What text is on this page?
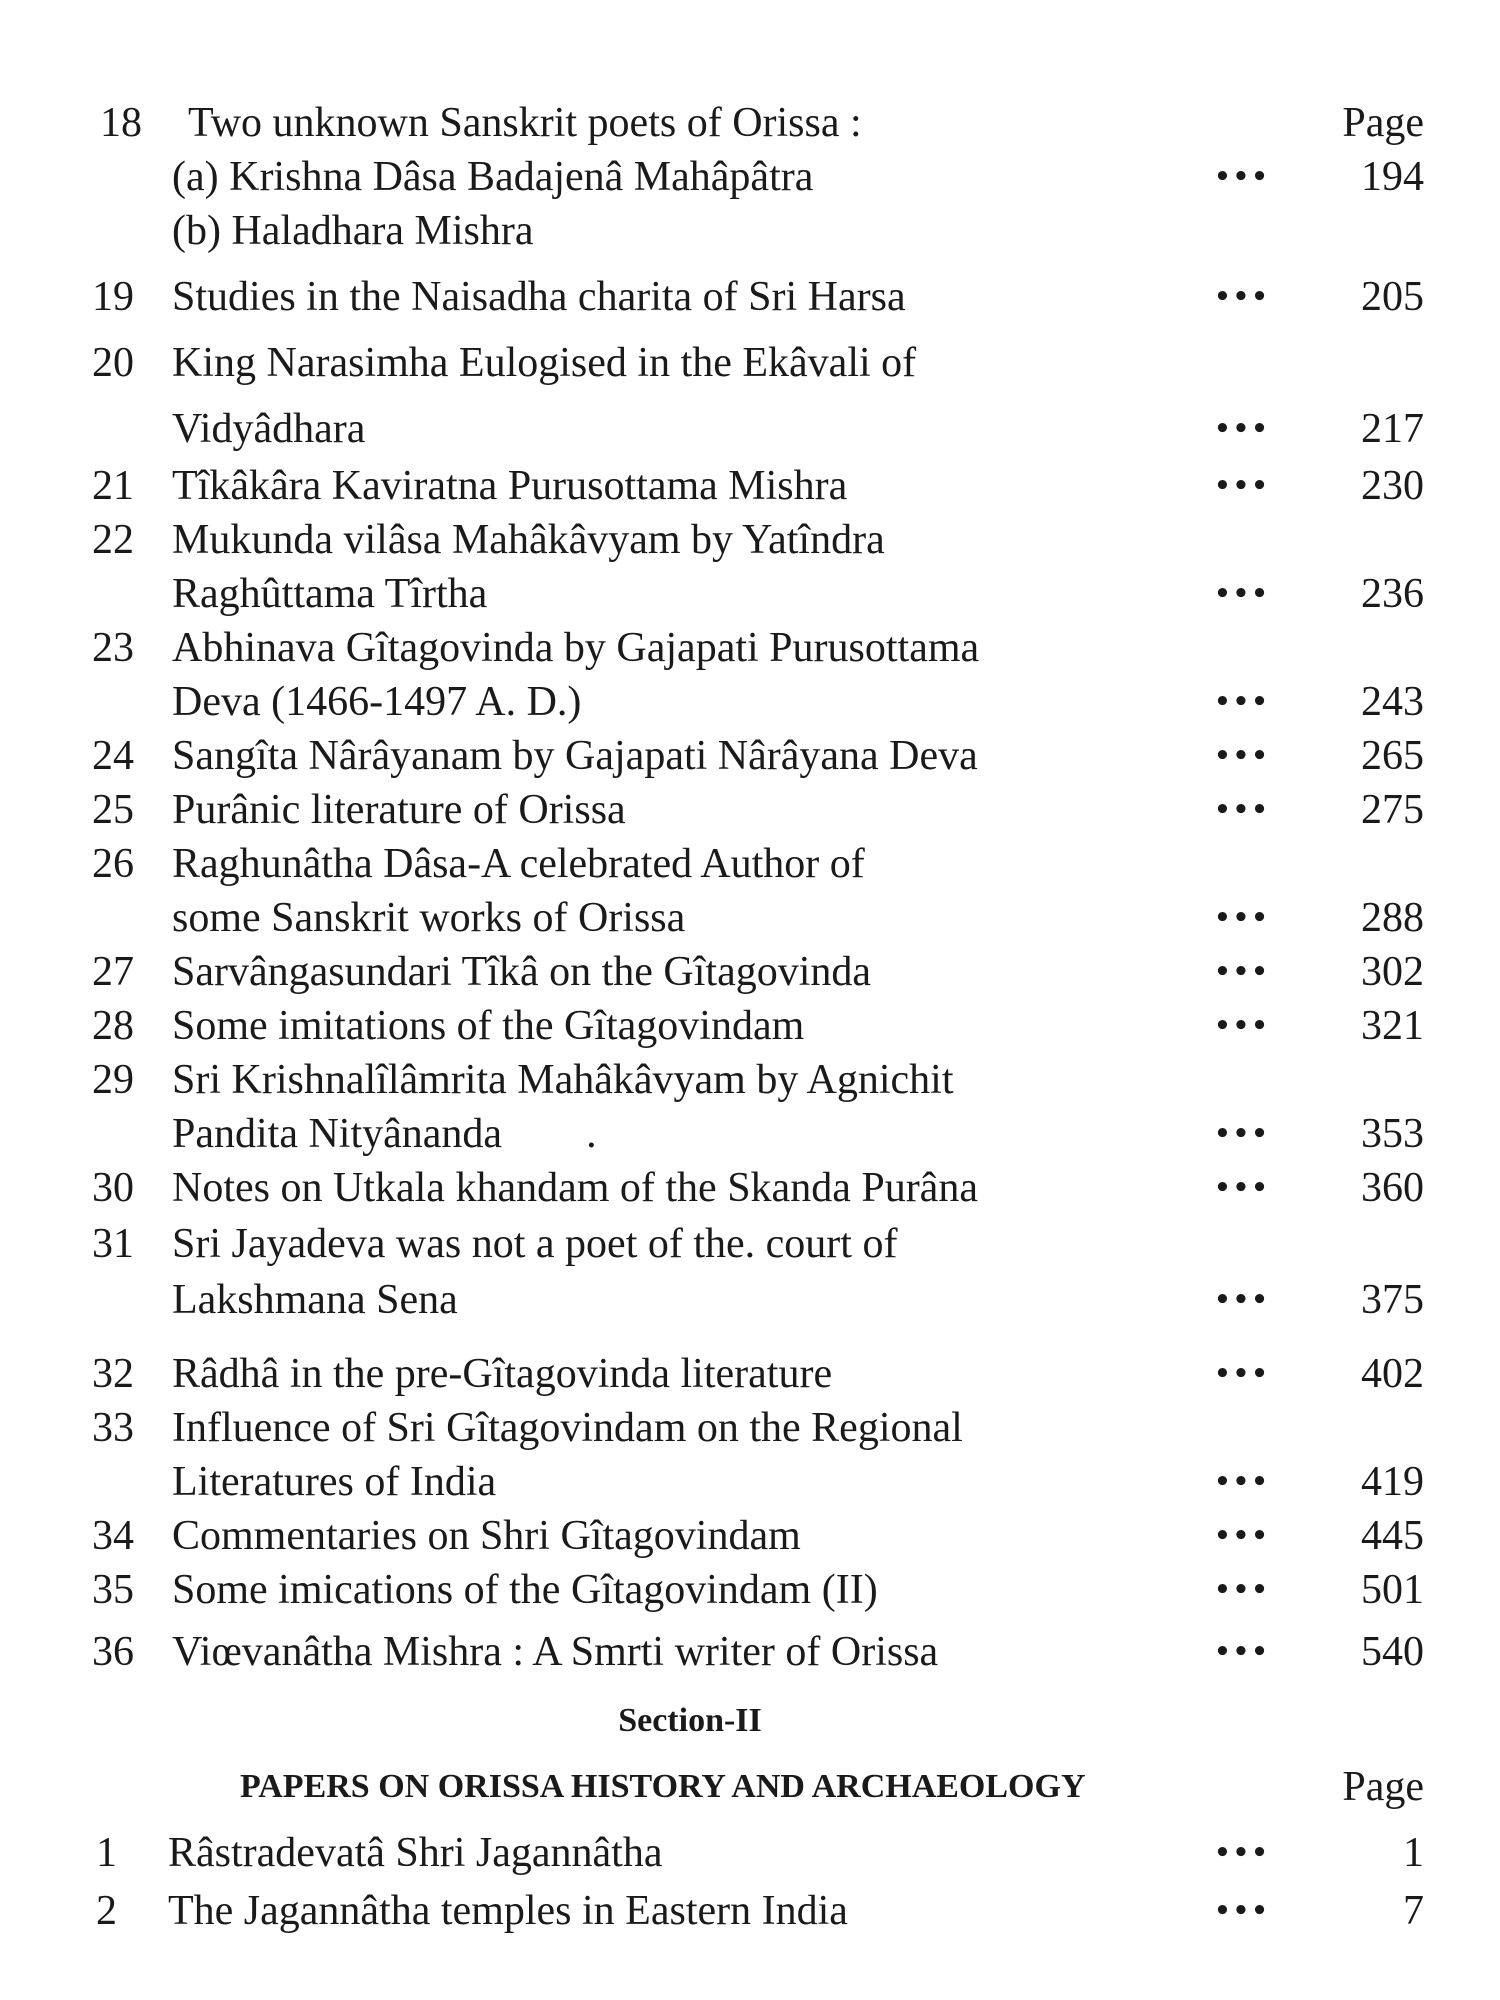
18	Two unknown Sanskrit poets of Orissa :	Page
(a) Krishna Dâsa Badajenâ Mahâpâtra	•••	194
(b) Haladhara Mishra
19 Studies in the Naisadha charita of Sri Harsa	•••	205
20 King Narasimha Eulogised in the Ekâvali of
Vidyâdhara	•••	217
21 Tîkâkâra Kaviratna Purusottama Mishra	•••	230
22 Mukunda vilâsa Mahâkâvyam by Yatîndra
Raghûttama Tîrtha	•••	236
23 Abhinava Gîtagovinda by Gajapati Purusottama
Deva (1466-1497 A. D.)	•••	243
24 Sangîta Nârâyanam by Gajapati Nârâyana Deva	•••	265
25 Purânic literature of Orissa	•••	275
26 Raghunâtha Dâsa-A celebrated Author of
some Sanskrit works of Orissa	•••	288
27 Sarvângasundari Tîkâ on the Gîtagovinda	•••	302
28 Some imitations of the Gîtagovindam	•••	321
29 Sri Krishnalîlâmrita Mahâkâvyam by Agnichit
Pandita Nityânanda        .	•••	353
30 Notes on Utkala khandam of the Skanda Purâna	•••	360
31 Sri Jayadeva was not a poet of the. court of
Lakshmana Sena	•••	375
32 Râdhâ in the pre-Gîtagovinda literature	•••	402
33 Influence of Sri Gîtagovindam on the Regional
Literatures of India	•••	419
34 Commentaries on Shri Gîtagovindam	•••	445
35 Some imications of the Gîtagovindam (II)	•••	501
36 Viœvanâtha Mishra : A Smrti writer of Orissa	•••	540
Section-II
PAPERS ON ORISSA HISTORY AND ARCHAEOLOGY	Page
1	Râstradevatâ Shri Jagannâtha	•••	1
2	The Jagannâtha temples in Eastern India	•••	7
